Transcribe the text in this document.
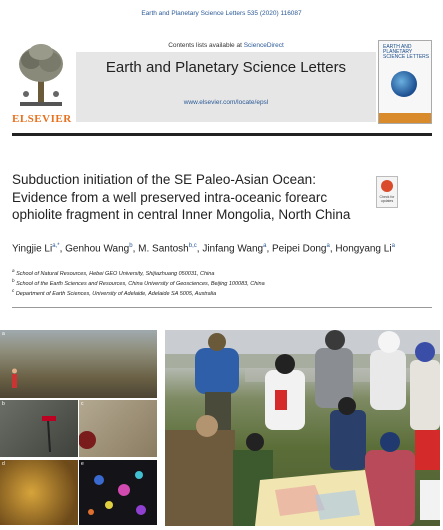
Earth and Planetary Science Letters 535 (2020) 116087
ELSEVIER
Contents lists available at ScienceDirect
Earth and Planetary Science Letters
www.elsevier.com/locate/epsl
EARTH AND PLANETARY SCIENCE LETTERS
Subduction initiation of the SE Paleo-Asian Ocean: Evidence from a well preserved intra-oceanic forearc ophiolite fragment in central Inner Mongolia, North China
Check for updates
Yingjie $Li^{a,*}$, Genhou Wang$^b$, M. Santosh$^{b,c}$, Jinfang Wang$^a$, Peipei Dong$^a$, Hongyang Li$^a$
$^a$ School of Natural Resources, Hebei GEO University, Shijiazhuang 050031, China
$^b$ School of the Earth Sciences and Resources, China University of Geosciences, Beijing 100083, China
$^c$ Department of Earth Sciences, University of Adelaide, Adelaide SA 5005, Australia
a
b	c
d	e
